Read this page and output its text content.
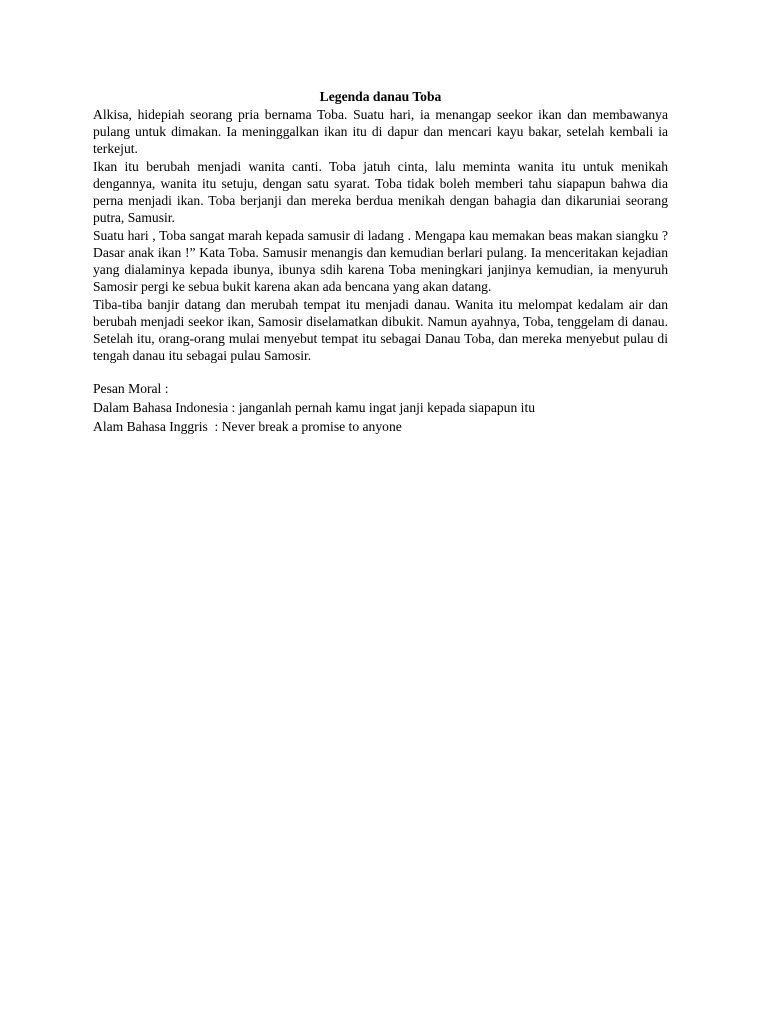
Legenda danau Toba
Alkisa, hidepiah seorang pria bernama Toba. Suatu hari, ia menangap seekor ikan dan membawanya pulang untuk dimakan. Ia meninggalkan ikan itu di dapur dan mencari kayu bakar, setelah kembali ia terkejut.
Ikan itu berubah menjadi wanita canti. Toba jatuh cinta, lalu meminta wanita itu untuk menikah dengannya, wanita itu setuju, dengan satu syarat. Toba tidak boleh memberi tahu siapapun bahwa dia perna menjadi ikan. Toba berjanji dan mereka berdua menikah dengan bahagia dan dikaruniai seorang putra, Samusir.
Suatu hari , Toba sangat marah kepada samusir di ladang . Mengapa kau memakan beas makan siangku ? Dasar anak ikan !” Kata Toba. Samusir menangis dan kemudian berlari pulang. Ia menceritakan kejadian yang dialaminya kepada ibunya, ibunya sdih karena Toba meningkari janjinya kemudian, ia menyuruh Samosir pergi ke sebua bukit karena akan ada bencana yang akan datang.
Tiba-tiba banjir datang dan merubah tempat itu menjadi danau. Wanita itu melompat kedalam air dan berubah menjadi seekor ikan, Samosir diselamatkan dibukit. Namun ayahnya, Toba, tenggelam di danau. Setelah itu, orang-orang mulai menyebut tempat itu sebagai Danau Toba, dan mereka menyebut pulau di tengah danau itu sebagai pulau Samosir.
Pesan Moral :
Dalam Bahasa Indonesia : janganlah pernah kamu ingat janji kepada siapapun itu
Alam Bahasa Inggris  : Never break a promise to anyone
